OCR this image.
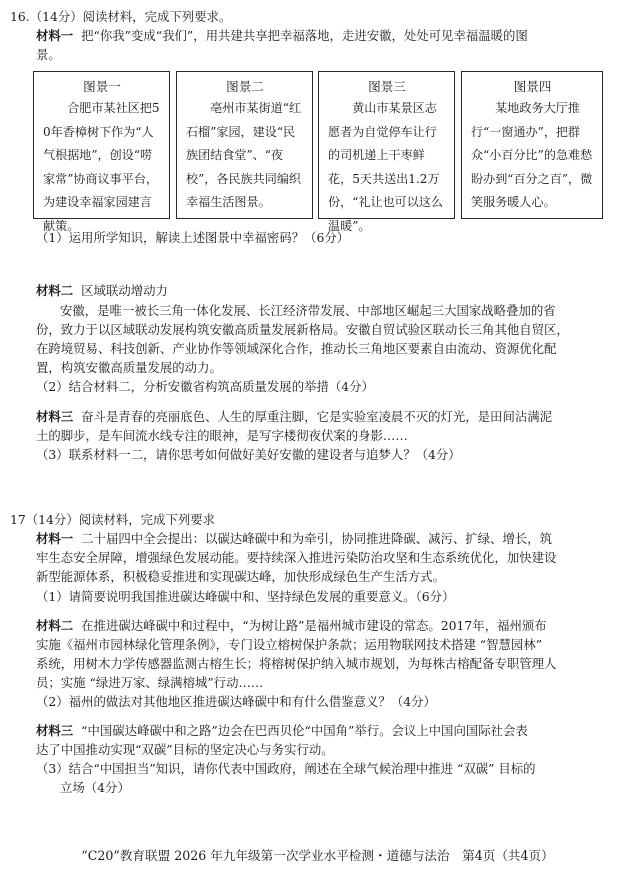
16.（14分）阅读材料，完成下列要求。
材料一 把“你我”变成“我们”，用共建共享把幸福落地，走进安徽，处处可见幸福温暖的图
景。
图景一
合肥市某社区把50年香樟树下作为“人气根据地”，创设“唠家常”协商议事平台，为建设幸福家园建言献策。
图景二
亳州市某街道“红石榴”家园，建设“民族团结食堂”、“夜校”，各民族共同编织幸福生活图景。
图景三
黄山市某景区志愿者为自觉停车让行的司机递上干枣鲜花，5天共送出1.2万份，“礼让也可以这么温暖”。
图景四
某地政务大厅推行“一窗通办”，把群众“小百分比”的急难愁盼办到“百分之百”，微笑服务暖人心。
（1）运用所学知识，解读上述图景中幸福密码？（6分）
材料二 区域联动增动力
安徽，是唯一被长三角一体化发展、长江经济带发展、中部地区崛起三大国家战略叠加的省
份，致力于以区域联动发展构筑安徽高质量发展新格局。安徽自贸试验区联动长三角其他自贸区，
在跨境贸易、科技创新、产业协作等领域深化合作，推动长三角地区要素自由流动、资源优化配
置，构筑安徽高质量发展的动力。
（2）结合材料二，分析安徽省构筑高质量发展的举措（4分）
材料三 奋斗是青春的亮丽底色、人生的厚重注脚，它是实验室凌晨不灭的灯光，是田间沾满泥
土的脚步，是车间流水线专注的眼神，是写字楼彻夜伏案的身影……
（3）联系材料一二，请你思考如何做好美好安徽的建设者与追梦人？（4分）
17（14分）阅读材料，完成下列要求
材料一 二十届四中全会提出：以碳达峰碳中和为牵引，协同推进降碳、减污、扩绿、增长，筑
牢生态安全屏障，增强绿色发展动能。要持续深入推进污染防治攻坚和生态系统优化，加快建设
新型能源体系，积极稳妥推进和实现碳达峰，加快形成绿色生产生活方式。
（1）请简要说明我国推进碳达峰碳中和、坚持绿色发展的重要意义。（6分）
材料二 在推进碳达峰碳中和过程中，“为树让路”是福州城市建设的常态。2017年，福州颁布
实施《福州市园林绿化管理条例》，专门设立榕树保护条款；运用物联网技术搭建 “智慧园林”
系统，用树木力学传感器监测古榕生长；将榕树保护纳入城市规划，为每株古榕配备专职管理人
员；实施 “绿进万家、绿满榕城”行动……
（2）福州的做法对其他地区推进碳达峰碳中和有什么借鉴意义？（4分）
材料三 “中国碳达峰碳中和之路”边会在巴西贝伦“中国角”举行。会议上中国向国际社会表
达了中国推动实现“双碳”目标的坚定决心与务实行动。
（3）结合“中国担当”知识，请你代表中国政府，阐述在全球气候治理中推进 “双碳” 目标的
立场（4分）
“C20”教育联盟 2026 年九年级第一次学业水平检测・道德与法治　第4页（共4页）
